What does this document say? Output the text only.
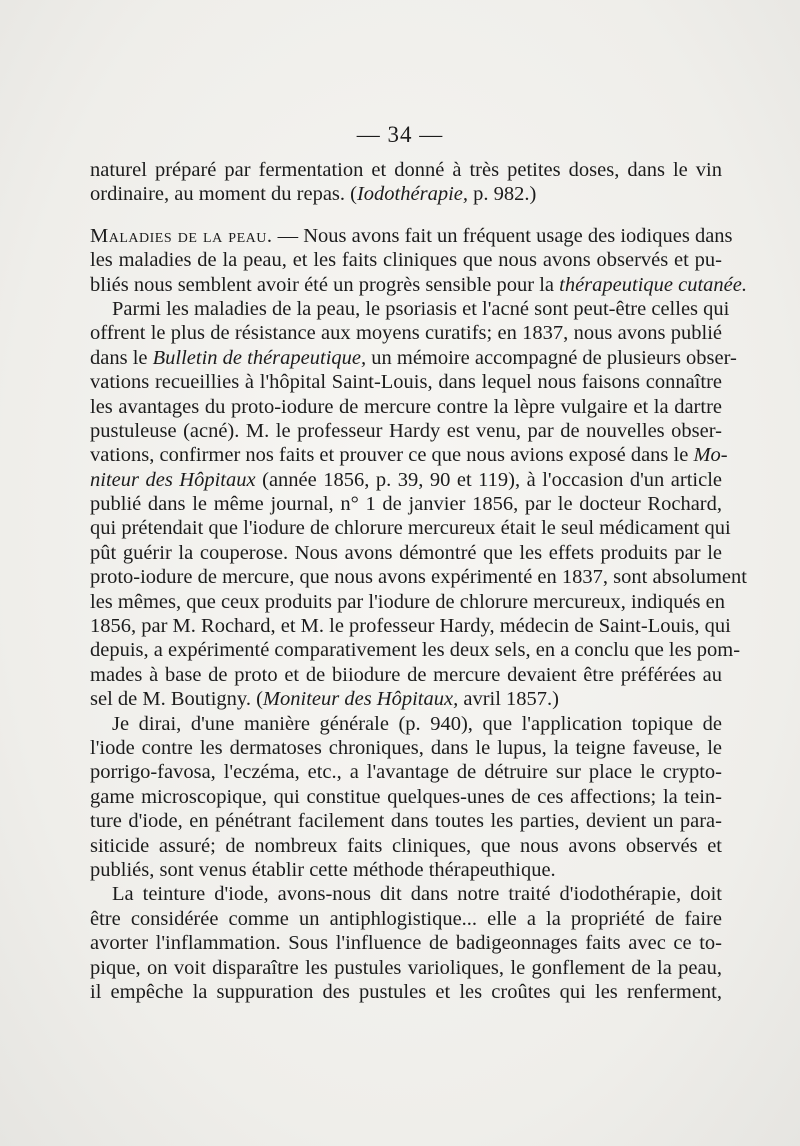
— 34 —
naturel préparé par fermentation et donné à très petites doses, dans le vin
ordinaire, au moment du repas. (Iodothérapie, p. 982.)
Maladies de la peau. — Nous avons fait un fréquent usage des iodiques dans
les maladies de la peau, et les faits cliniques que nous avons observés et pu-
bliés nous semblent avoir été un progrès sensible pour la thérapeutique cutanée.
Parmi les maladies de la peau, le psoriasis et l'acné sont peut-être celles qui
offrent le plus de résistance aux moyens curatifs; en 1837, nous avons publié
dans le Bulletin de thérapeutique, un mémoire accompagné de plusieurs obser-
vations recueillies à l'hôpital Saint-Louis, dans lequel nous faisons connaître
les avantages du proto-iodure de mercure contre la lèpre vulgaire et la dartre
pustuleuse (acné). M. le professeur Hardy est venu, par de nouvelles obser-
vations, confirmer nos faits et prouver ce que nous avions exposé dans le Mo-
niteur des Hôpitaux (année 1856, p. 39, 90 et 119), à l'occasion d'un article
publié dans le même journal, n° 1 de janvier 1856, par le docteur Rochard,
qui prétendait que l'iodure de chlorure mercureux était le seul médicament qui
pût guérir la couperose. Nous avons démontré que les effets produits par le
proto-iodure de mercure, que nous avons expérimenté en 1837, sont absolument
les mêmes, que ceux produits par l'iodure de chlorure mercureux, indiqués en
1856, par M. Rochard, et M. le professeur Hardy, médecin de Saint-Louis, qui
depuis, a expérimenté comparativement les deux sels, en a conclu que les pom-
mades à base de proto et de biiodure de mercure devaient être préférées au
sel de M. Boutigny. (Moniteur des Hôpitaux, avril 1857.)
Je dirai, d'une manière générale (p. 940), que l'application topique de
l'iode contre les dermatoses chroniques, dans le lupus, la teigne faveuse, le
porrigo-favosa, l'eczéma, etc., a l'avantage de détruire sur place le crypto-
game microscopique, qui constitue quelques-unes de ces affections; la tein-
ture d'iode, en pénétrant facilement dans toutes les parties, devient un para-
siticide assuré; de nombreux faits cliniques, que nous avons observés et
publiés, sont venus établir cette méthode thérapeuthique.
La teinture d'iode, avons-nous dit dans notre traité d'iodothérapie, doit
être considérée comme un antiphlogistique... elle a la propriété de faire
avorter l'inflammation. Sous l'influence de badigeonnages faits avec ce to-
pique, on voit disparaître les pustules varioliques, le gonflement de la peau,
il empêche la suppuration des pustules et les croûtes qui les renferment,
